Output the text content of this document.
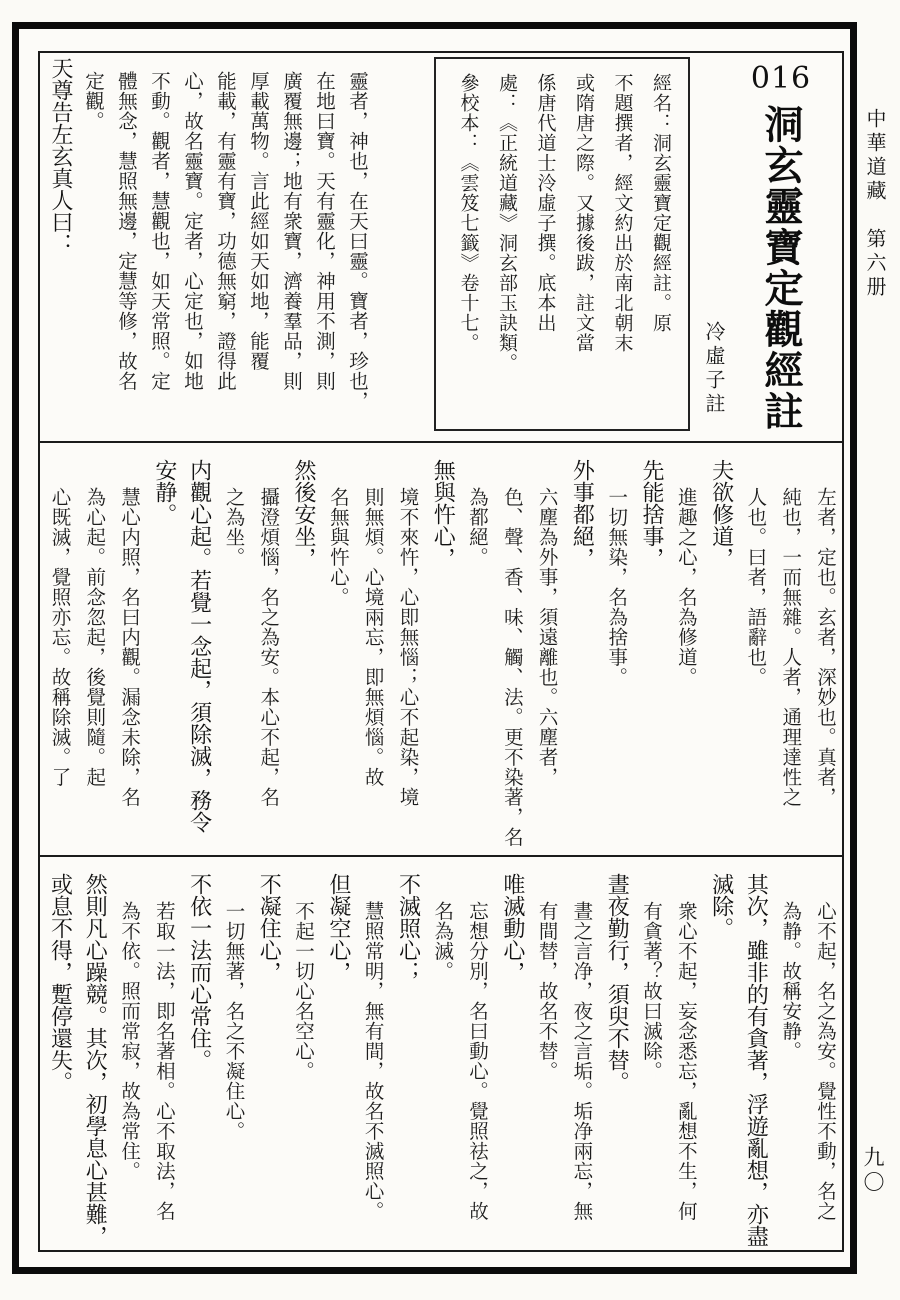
中華道藏　第六册
九〇
016
洞玄靈寶定觀經註
冷虛子註
經名：洞玄靈寶定觀經註。原
不題撰者，經文約出於南北朝末
或隋唐之際。又據後跋，註文當
係唐代道士泠虛子撰。底本出
處：《正統道藏》洞玄部玉訣類。
參校本：《雲笈七籤》卷十七。
靈者，神也，在天曰靈。寶者，珍也，
在地曰寶。天有靈化，神用不測，則
廣覆無邊；地有衆寶，濟養羣品，則
厚載萬物。言此經如天如地，能覆
能載，有靈有寶，功德無窮，證得此
心，故名靈寶。定者，心定也，如地
不動。觀者，慧觀也，如天常照。定
體無念，慧照無邊，定慧等修，故名
定觀。
天尊告左玄真人曰：
左者，定也。玄者，深妙也。真者，
純也，一而無雜。人者，通理達性之
人也。曰者，語辭也。
夫欲修道，
進趣之心，名為修道。
先能捨事，
一切無染，名為捨事。
外事都絕，
六塵為外事，須遠離也。六塵者，
色、聲、香、味、觸、法。更不染著，名
為都絕。
無與忤心，
境不來忤，心即無惱；心不起染，境
則無煩。心境兩忘，即無煩惱。故
名無與忤心。
然後安坐，
攝澄煩惱，名之為安。本心不起，名
之為坐。
内觀心起。若覺一念起，須除滅，務令
安静。
慧心内照，名曰内觀。漏念未除，名
為心起。前念忽起，後覺則隨。起
心既滅，覺照亦忘。故稱除滅。了
心不起，名之為安。覺性不動，名之
為静。故稱安静。
其次，雖非的有貪著，浮遊亂想，亦盡
滅除。
衆心不起，妄念悉忘，亂想不生，何
有貪著？故曰滅除。
晝夜勤行，須臾不替。
晝之言净，夜之言垢。垢净兩忘，無
有間替，故名不替。
唯滅動心，
忘想分別，名曰動心。覺照祛之，故
名為滅。
不滅照心；
慧照常明，無有間，故名不滅照心。
但凝空心，
不起一切心名空心。
不凝住心，
一切無著，名之不凝住心。
不依一法而心常住。
若取一法，即名著相。心不取法，名
為不依。照而常寂，故為常住。
然則凡心躁競。其次，初學息心甚難，
或息不得，蹔停還失。
